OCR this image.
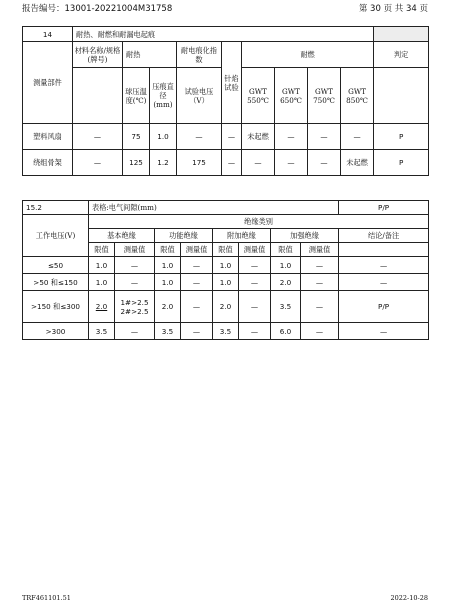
报告编号：13001-20221004M31758	第 30 页 共 34 页
14	耐热、耐燃和耐漏电起痕									
测量部件	材料名称/规格(牌号)	耐热		耐电痕化指数	针焰试验	耐燃				判定
		球压温度(℃)	压痕直径(mm)	试验电压（V）		GWT 550℃	GWT 650℃	GWT 750℃	GWT 850℃	
塑料风扇	—	75	1.0	—	—	未起燃	—	—	—	P
绕组骨架	—	125	1.2	175	—	—	—	—	未起燃	P
15.2	表格:电气间隙(mm)								P/P
工作电压(V)	绝缘类别								
	基本绝缘		功能绝缘		附加绝缘		加强绝缘		结论/备注
	限值	测量值	限值	测量值	限值	测量值	限值	测量值	
≤50	1.0	—	1.0	—	1.0	—	1.0	—	—
>50 和≤150	1.0	—	1.0	—	1.0	—	2.0	—	—
>150 和≤300	2.0	1#>2.5
2#>2.5	2.0	—	2.0	—	3.5	—	P/P
>300	3.5	—	3.5	—	3.5	—	6.0	—	—
TRF461101.51	2022-10-28
